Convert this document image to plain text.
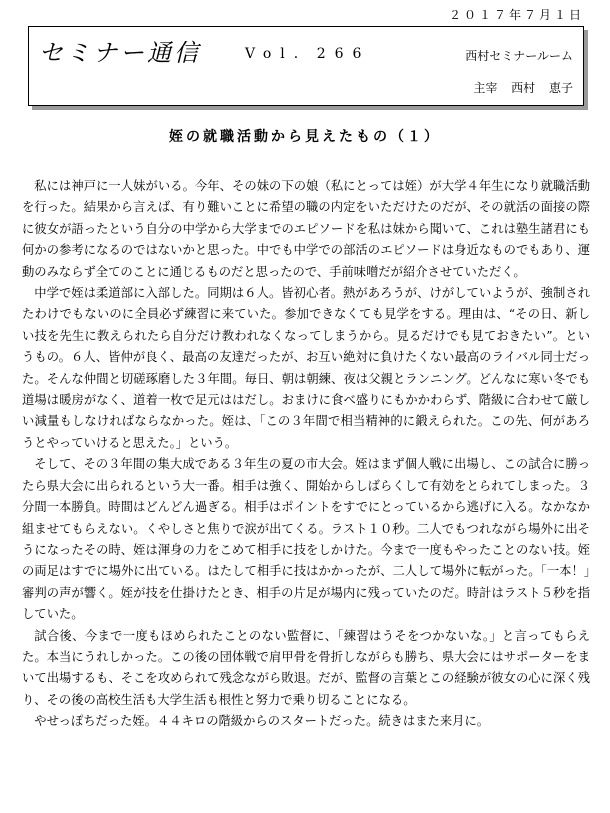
２０１７年７月１日
セミナー通信	Vol．266	西村セミナールーム
主宰 西村 恵子
姪の就職活動から見えたもの（１）

私には神戸に一人妹がいる。今年、その妹の下の娘（私にとっては姪）が大学４年生になり就職活動を行った。結果から言えば、有り難いことに希望の職の内定をいただけたのだが、その就活の面接の際に彼女が語ったという自分の中学から大学までのエピソードを私は妹から聞いて、これは塾生諸君にも何かの参考になるのではないかと思った。中でも中学での部活のエピソードは身近なものでもあり、運動のみならず全てのことに通じるものだと思ったので、手前味噌だが紹介させていただく。

中学で姪は柔道部に入部した。同期は６人。皆初心者。熱があろうが、けがしていようが、強制されたわけでもないのに全員必ず練習に来ていた。参加できなくても見学をする。理由は、“その日、新しい技を先生に教えられたら自分だけ教われなくなってしまうから。見るだけでも見ておきたい”。というもの。６人、皆仲が良く、最高の友達だったが、お互い絶対に負けたくない最高のライバル同士だった。そんな仲間と切磋琢磨した３年間。毎日、朝は朝練、夜は父親とランニング。どんなに寒い冬でも道場は暖房がなく、道着一枚で足元ははだし。おまけに食べ盛りにもかかわらず、階級に合わせて厳しい減量もしなければならなかった。姪は、「この３年間で相当精神的に鍛えられた。この先、何があろうとやっていけると思えた。」という。

そして、その３年間の集大成である３年生の夏の市大会。姪はまず個人戦に出場し、この試合に勝ったら県大会に出られるという大一番。相手は強く、開始からしばらくして有効をとられてしまった。３分間一本勝負。時間はどんどん過ぎる。相手はポイントをすでにとっているから逃げに入る。なかなか組ませてもらえない。くやしさと焦りで涙が出てくる。ラスト１０秒。二人でもつれながら場外に出そうになったその時、姪は渾身の力をこめて相手に技をしかけた。今まで一度もやったことのない技。姪の両足はすでに場外に出ている。はたして相手に技はかかったが、二人して場外に転がった。「一本！」審判の声が響く。姪が技を仕掛けたとき、相手の片足が場内に残っていたのだ。時計はラスト５秒を指していた。

試合後、今まで一度もほめられたことのない監督に、「練習はうそをつかないな。」と言ってもらえた。本当にうれしかった。この後の団体戦で肩甲骨を骨折しながらも勝ち、県大会にはサポーターをまいて出場するも、そこを攻められて残念ながら敗退。だが、監督の言葉とこの経験が彼女の心に深く残り、その後の高校生活も大学生活も根性と努力で乗り切ることになる。

やせっぽちだった姪。４４キロの階級からのスタートだった。続きはまた来月に。
